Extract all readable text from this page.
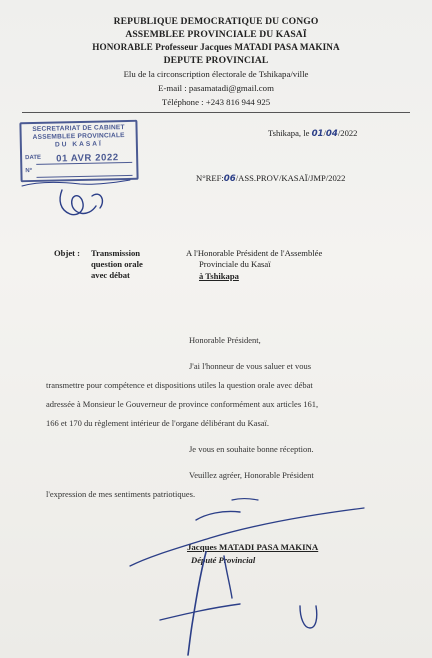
REPUBLIQUE DEMOCRATIQUE DU CONGO
ASSEMBLEE PROVINCIALE DU KASAÏ
HONORABLE Professeur Jacques MATADI PASA MAKINA
DEPUTE PROVINCIAL
Elu de la circonscription électorale de Tshikapa/ville
E-mail : pasamatadi@gmail.com
Téléphone : +243 816 944 925
SECRETARIAT DE CABINET
ASSEMBLEE PROVINCIALE
DU KASAÏ
DATE 01 AVR 2022
Nº
Tshikapa, le 01/04/2022
N°REF:06/ASS.PROV/KASAÏ/JMP/2022
Objet : Transmission
question orale
avec débat
A l'Honorable Président de l'Assemblée
Provinciale du Kasaï
à Tshikapa
Honorable Président,
J'ai l'honneur de vous saluer et vous
transmettre pour compétence et dispositions utiles la question orale avec débat
adressée à Monsieur le Gouverneur de province conformément aux articles 161,
166 et 170 du règlement intérieur de l'organe délibérant du Kasaï.
Je vous en souhaite bonne réception.
Veuillez agréer, Honorable Président
l'expression de mes sentiments patriotiques.
Jacques MATADI PASA MAKINA
Député Provincial
